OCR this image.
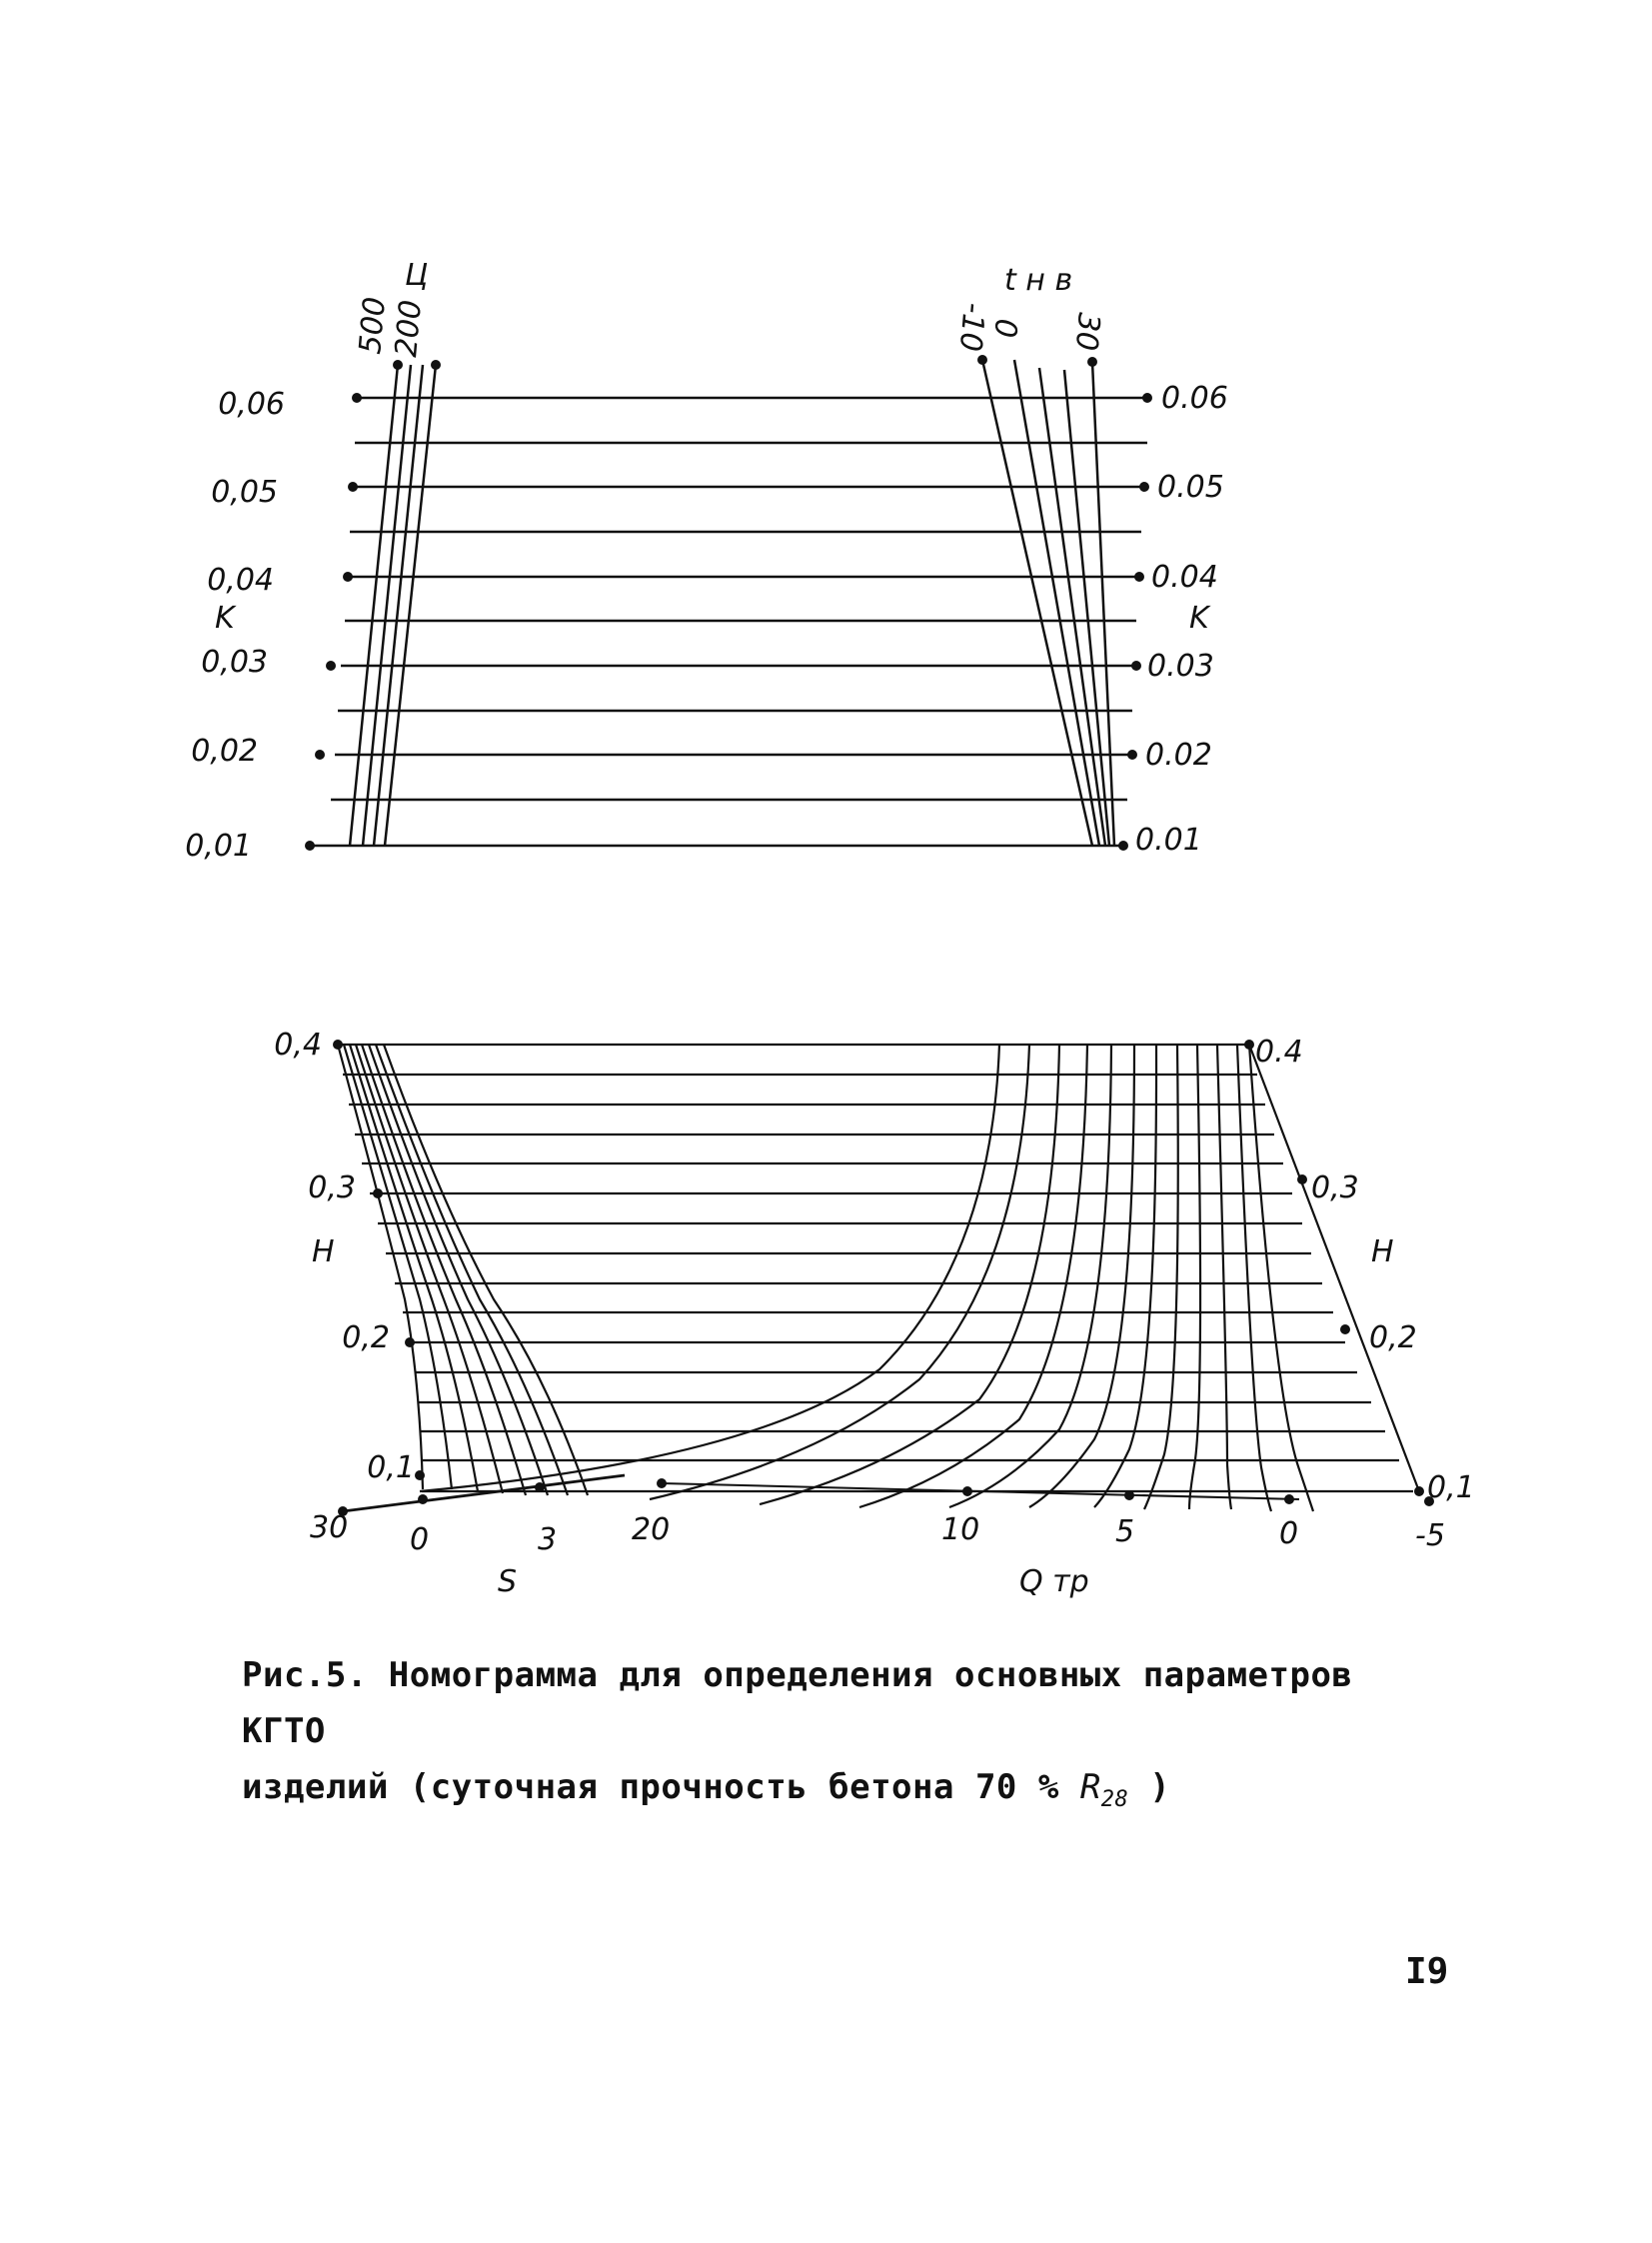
Ц
500
200
t н в
-10
0 30
K	K
0,06
0,05
0,04
0,03
0,02
0,01
0.06
0.05
0.04
0.03
0.02
0.01
0,4
0,3
0,2
0,1
H
0.4
0,3
0,2
0,1
H
30 0	3
S
20	10	5	0	-5
Q тр
Рис.5. Номограмма для определения основных параметров КГТО
изделий (суточная прочность бетона 70 % $R_{28}$ )
I9
